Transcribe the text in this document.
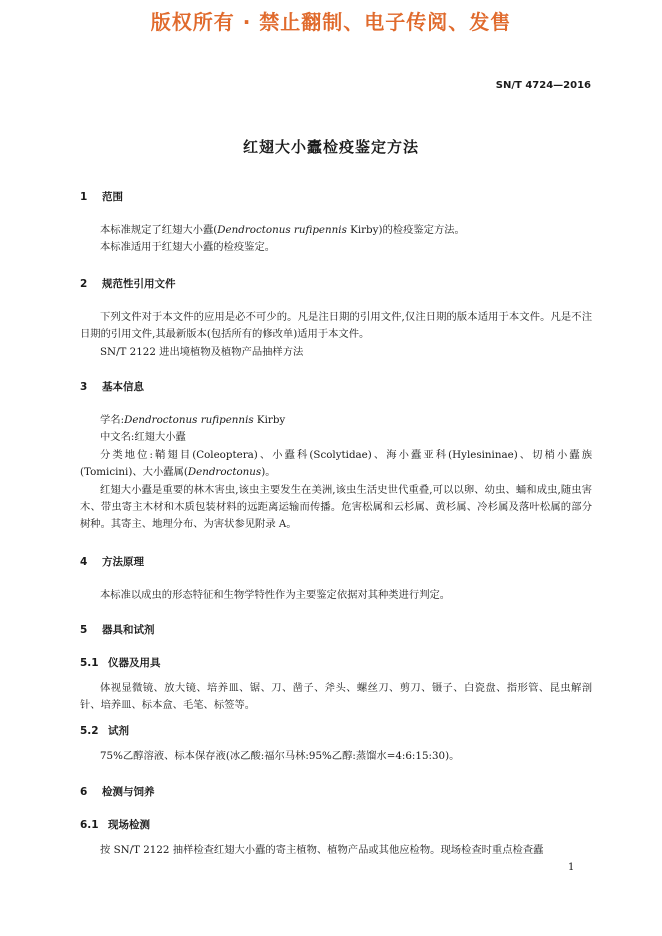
版权所有 · 禁止翻制、电子传阅、发售
SN/T 4724—2016
红翅大小蠹检疫鉴定方法
1 范围
本标准规定了红翅大小蠹(Dendroctonus rufipennis Kirby)的检疫鉴定方法。
本标准适用于红翅大小蠹的检疫鉴定。
2 规范性引用文件
下列文件对于本文件的应用是必不可少的。凡是注日期的引用文件,仅注日期的版本适用于本文件。凡是不注日期的引用文件,其最新版本(包括所有的修改单)适用于本文件。
SN/T 2122 进出境植物及植物产品抽样方法
3 基本信息
学名:Dendroctonus rufipennis Kirby
中文名:红翅大小蠹
分类地位:鞘翅目(Coleoptera)、小蠹科(Scolytidae)、海小蠹亚科(Hylesininae)、切梢小蠹族(Tomicini)、大小蠹属(Dendroctonus)。
红翅大小蠹是重要的林木害虫,该虫主要发生在美洲,该虫生活史世代重叠,可以以卵、幼虫、蛹和成虫,随虫害木、带虫寄主木材和木质包装材料的远距离运输而传播。危害松属和云杉属、黄杉属、冷杉属及落叶松属的部分树种。其寄主、地理分布、为害状参见附录 A。
4 方法原理
本标准以成虫的形态特征和生物学特性作为主要鉴定依据对其种类进行判定。
5 器具和试剂
5.1 仪器及用具
体视显微镜、放大镜、培养皿、锯、刀、凿子、斧头、螺丝刀、剪刀、镊子、白瓷盘、指形管、昆虫解剖针、培养皿、标本盒、毛笔、标签等。
5.2 试剂
75%乙醇溶液、标本保存液(冰乙酸:福尔马林:95%乙醇:蒸馏水=4:6:15:30)。
6 检测与饲养
6.1 现场检测
按 SN/T 2122 抽样检查红翅大小蠹的寄主植物、植物产品或其他应检物。现场检查时重点检查蠹
1
